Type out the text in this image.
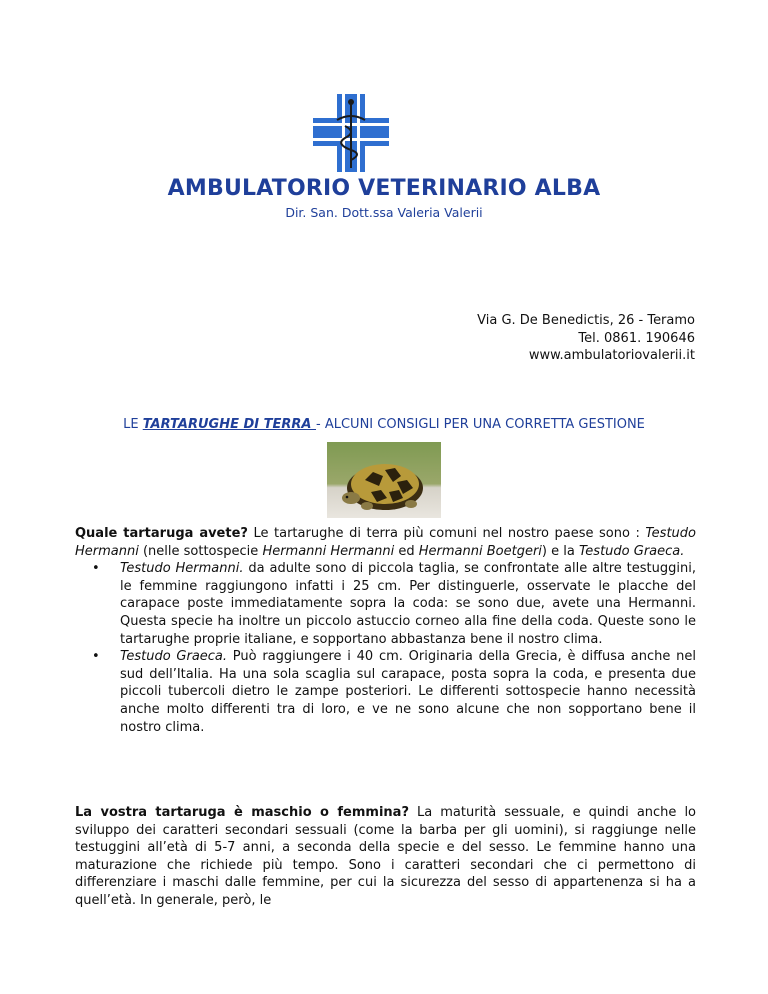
AMBULATORIO VETERINARIO ALBA
Dir. San. Dott.ssa Valeria Valerii
Via G. De Benedictis, 26 - Teramo
Tel. 0861. 190646
www.ambulatoriovalerii.it
LE TARTARUGHE DI TERRA - ALCUNI CONSIGLI PER UNA CORRETTA GESTIONE
Quale tartaruga avete? Le tartarughe di terra più comuni nel nostro paese sono : Testudo Hermanni (nelle sottospecie Hermanni Hermanni ed Hermanni Boetgeri) e la Testudo Graeca.
• Testudo Hermanni. da adulte sono di piccola taglia, se confrontate alle altre testuggini, le femmine raggiungono infatti i 25 cm. Per distinguerle, osservate le placche del carapace poste immediatamente sopra la coda: se sono due, avete una Hermanni. Questa specie ha inoltre un piccolo astuccio corneo alla fine della coda. Queste sono le tartarughe proprie italiane, e sopportano abbastanza bene il nostro clima.
• Testudo Graeca. Può raggiungere i 40 cm. Originaria della Grecia, è diffusa anche nel sud dell’Italia. Ha una sola scaglia sul carapace, posta sopra la coda, e presenta due piccoli tubercoli dietro le zampe posteriori. Le differenti sottospecie hanno necessità anche molto differenti tra di loro, e ve ne sono alcune che non sopportano bene il nostro clima.
La vostra tartaruga è maschio o femmina? La maturità sessuale, e quindi anche lo sviluppo dei caratteri secondari sessuali (come la barba per gli uomini), si raggiunge nelle testuggini all’età di 5-7 anni, a seconda della specie e del sesso. Le femmine hanno una maturazione che richiede più tempo. Sono i caratteri secondari che ci permettono di differenziare i maschi dalle femmine, per cui la sicurezza del sesso di appartenenza si ha a quell’età. In generale, però, le
